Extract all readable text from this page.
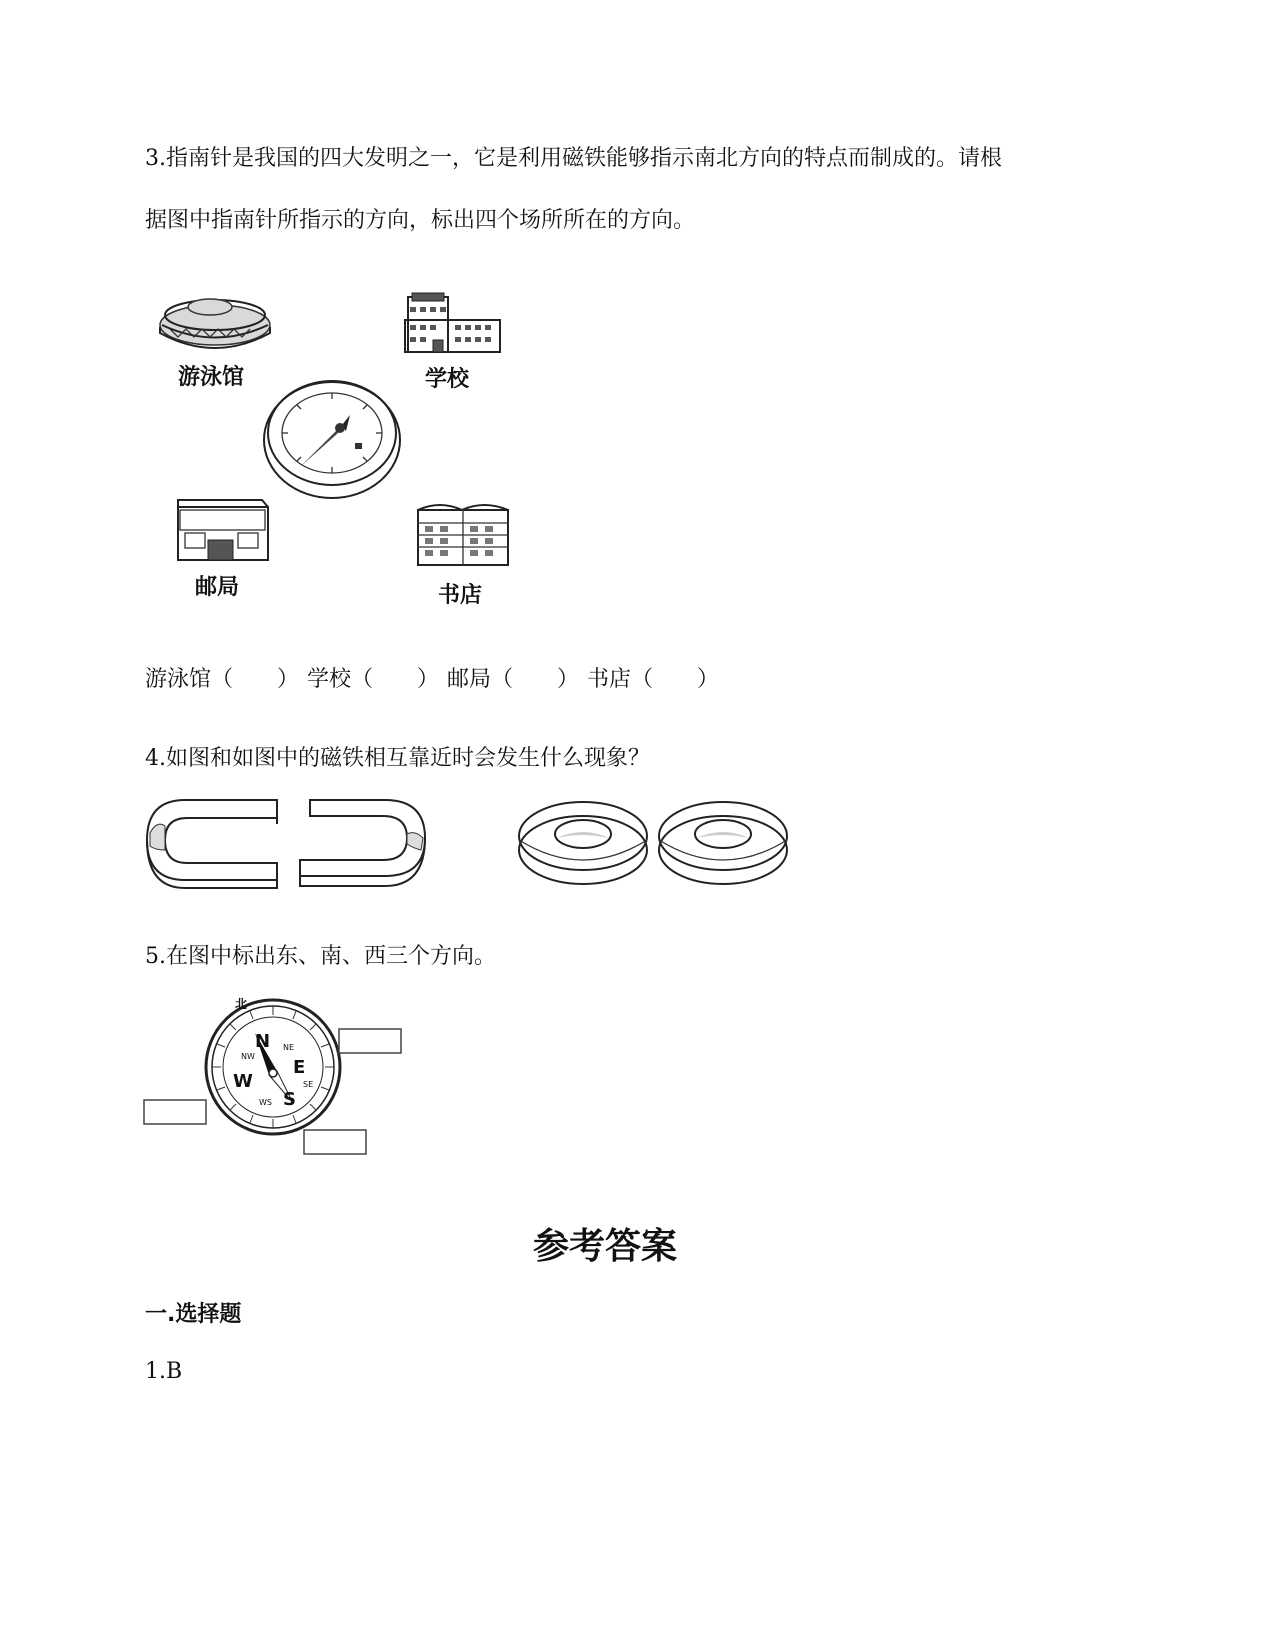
3.指南针是我国的四大发明之一，它是利用磁铁能够指示南北方向的特点而制成的。请根
据图中指南针所指示的方向，标出四个场所所在的方向。
游泳馆	学校
邮局	书店
游泳馆（　　） 学校（　　） 邮局（　　） 书店（　　）
4.如图和如图中的磁铁相互靠近时会发生什么现象？
5.在图中标出东、南、西三个方向。
北
N
E
S
W
NE
SE
NW
WS
参考答案
一.选择题
1.B
